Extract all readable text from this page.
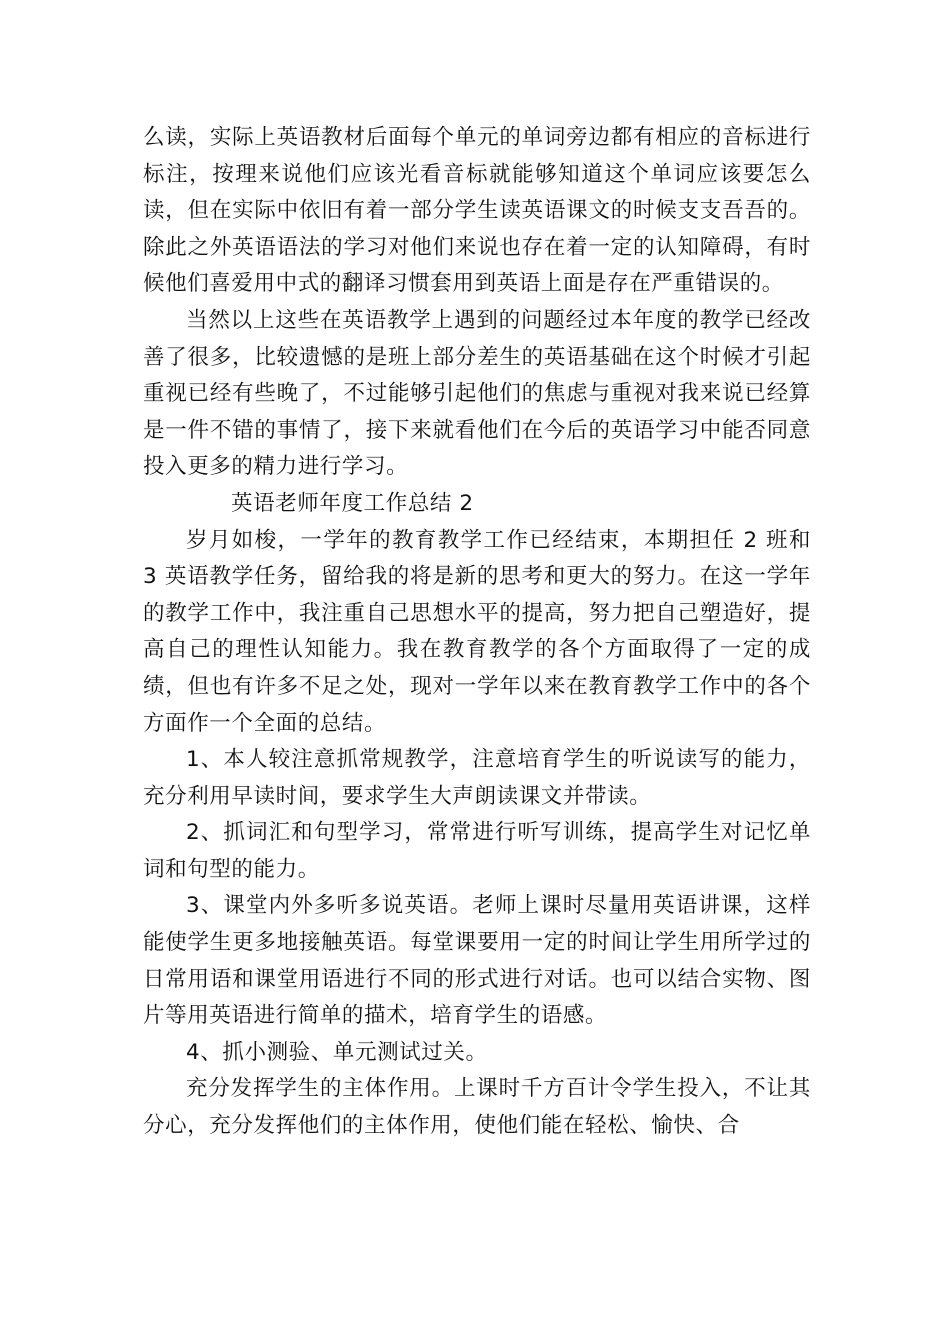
么读，实际上英语教材后面每个单元的单词旁边都有相应的音标进行标注，按理来说他们应该光看音标就能够知道这个单词应该要怎么读，但在实际中依旧有着一部分学生读英语课文的时候支支吾吾的。除此之外英语语法的学习对他们来说也存在着一定的认知障碍，有时候他们喜爱用中式的翻译习惯套用到英语上面是存在严重错误的。

当然以上这些在英语教学上遇到的问题经过本年度的教学已经改善了很多，比较遗憾的是班上部分差生的英语基础在这个时候才引起重视已经有些晚了，不过能够引起他们的焦虑与重视对我来说已经算是一件不错的事情了，接下来就看他们在今后的英语学习中能否同意投入更多的精力进行学习。

英语老师年度工作总结 2

岁月如梭，一学年的教育教学工作已经结束，本期担任 2 班和 3 英语教学任务，留给我的将是新的思考和更大的努力。在这一学年的教学工作中，我注重自己思想水平的提高，努力把自己塑造好，提高自己的理性认知能力。我在教育教学的各个方面取得了一定的成绩，但也有许多不足之处，现对一学年以来在教育教学工作中的各个方面作一个全面的总结。

1、本人较注意抓常规教学，注意培育学生的听说读写的能力，充分利用早读时间，要求学生大声朗读课文并带读。

2、抓词汇和句型学习，常常进行听写训练，提高学生对记忆单词和句型的能力。

3、课堂内外多听多说英语。老师上课时尽量用英语讲课，这样能使学生更多地接触英语。每堂课要用一定的时间让学生用所学过的日常用语和课堂用语进行不同的形式进行对话。也可以结合实物、图片等用英语进行简单的描术，培育学生的语感。

4、抓小测验、单元测试过关。

充分发挥学生的主体作用。上课时千方百计令学生投入，不让其分心，充分发挥他们的主体作用，使他们能在轻松、愉快、合
